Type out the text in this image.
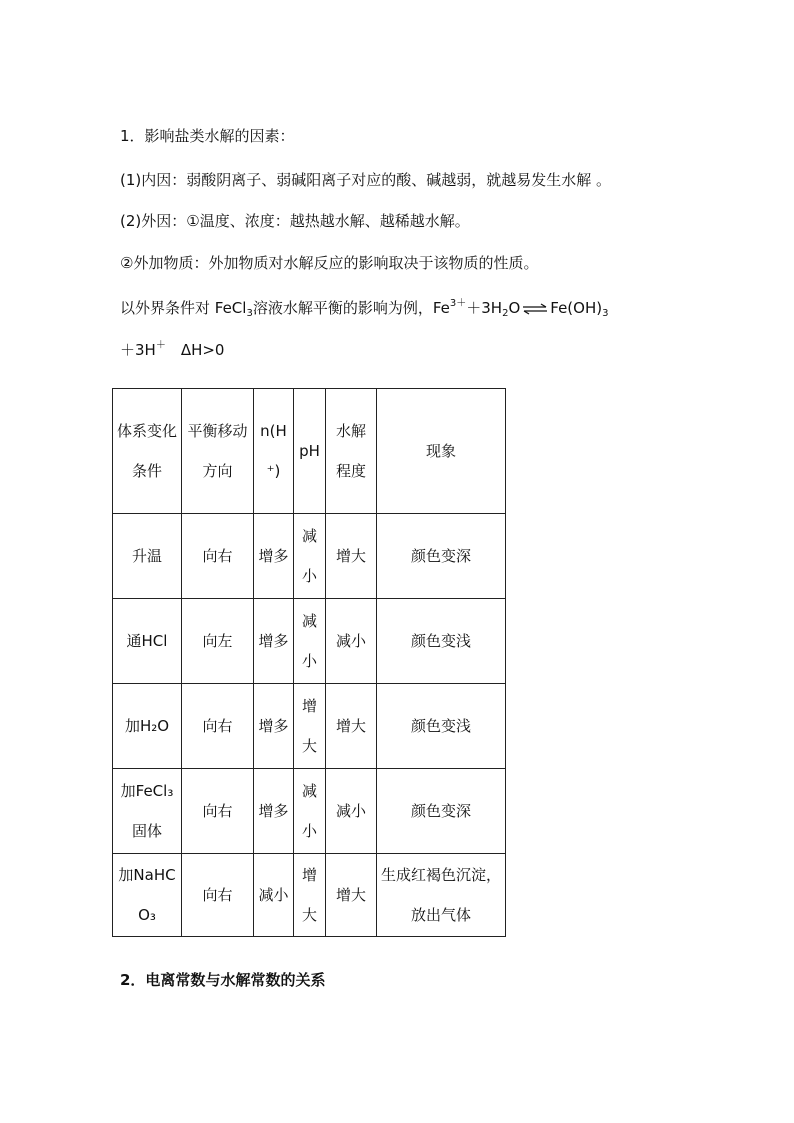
1．影响盐类水解的因素：
(1)内因：弱酸阴离子、弱碱阳离子对应的酸、碱越弱，就越易发生水解 。
(2)外因：①温度、浓度：越热越水解、越稀越水解。
②外加物质：外加物质对水解反应的影响取决于该物质的性质。
以外界条件对 FeCl$_3$溶液水解平衡的影响为例，$Fe^{3+}+3H_2O$ ⇌ $Fe(OH)_3$
＋3H＋　ΔH>0
体系变化条件	平衡移动方向	n(H⁺)	pH	水解程度	现象
升温	向右	增多	减小	增大	颜色变深
通HCl	向左	增多	减小	减小	颜色变浅
加H₂O	向右	增多	增大	增大	颜色变浅
加FeCl₃固体	向右	增多	减小	减小	颜色变深
加NaHCO₃	向右	减小	增大	增大	生成红褐色沉淀，放出气体
2．电离常数与水解常数的关系
